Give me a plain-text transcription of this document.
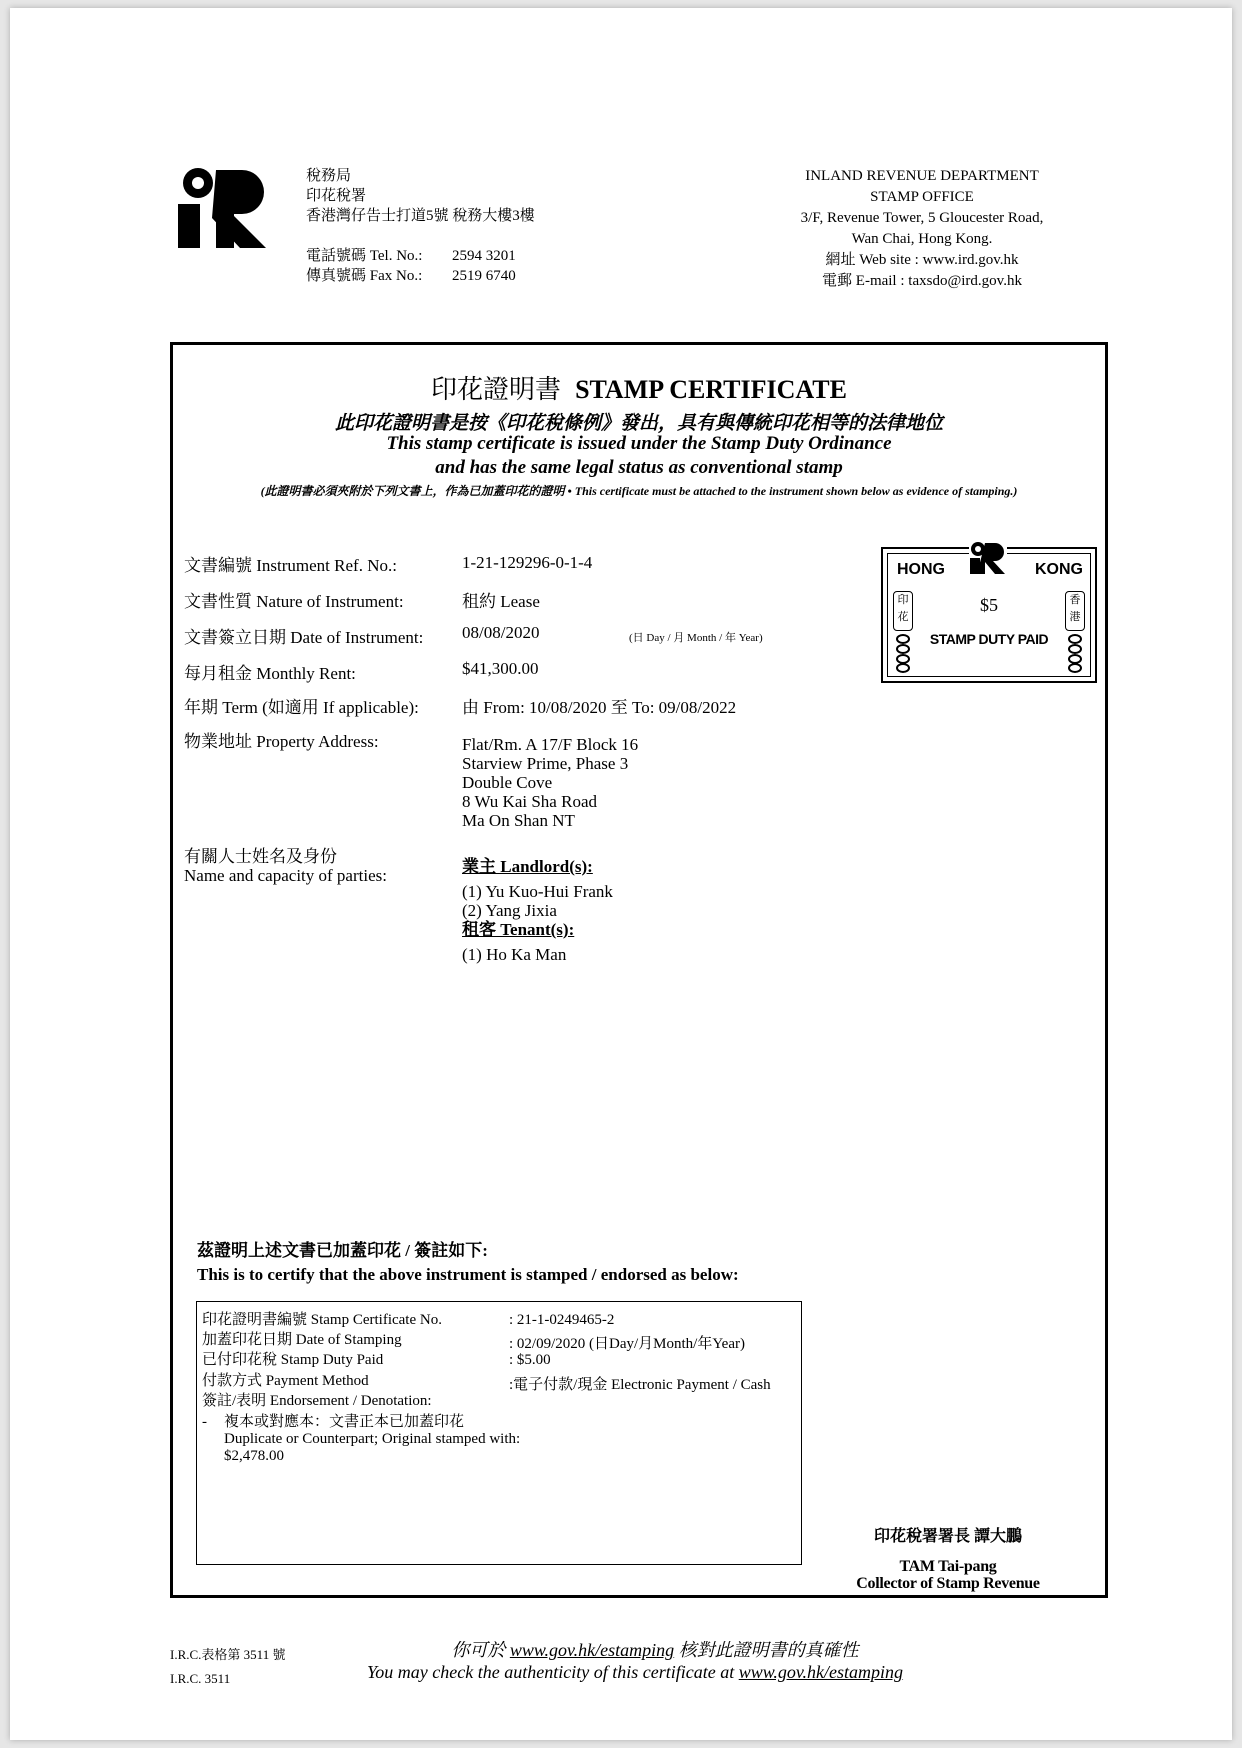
稅務局
印花稅署
香港灣仔告士打道5號 稅務大樓3樓
電話號碼 Tel. No.: 2594 3201
傳真號碼 Fax No.: 2519 6740
INLAND REVENUE DEPARTMENT
STAMP OFFICE
3/F, Revenue Tower, 5 Gloucester Road,
Wan Chai, Hong Kong.
網址 Web site : www.ird.gov.hk
電郵 E-mail : taxsdo@ird.gov.hk
印花證明書 STAMP CERTIFICATE
此印花證明書是按《印花稅條例》發出，具有與傳統印花相等的法律地位
This stamp certificate is issued under the Stamp Duty Ordinance
and has the same legal status as conventional stamp
(此證明書必須夾附於下列文書上，作為已加蓋印花的證明 • This certificate must be attached to the instrument shown below as evidence of stamping.)
文書編號 Instrument Ref. No.:	1-21-129296-0-1-4
文書性質 Nature of Instrument:	租約 Lease
文書簽立日期 Date of Instrument: 08/08/2020	(日 Day / 月 Month / 年 Year)
每月租金 Monthly Rent:	$41,300.00
年期 Term (如適用 If applicable):	由 From: 10/08/2020 至 To: 09/08/2022
物業地址 Property Address:	Flat/Rm. A 17/F Block 16
Starview Prime, Phase 3
Double Cove
8 Wu Kai Sha Road
Ma On Shan NT
有關人士姓名及身份
Name and capacity of parties:	業主 Landlord(s):
(1) Yu Kuo-Hui Frank
(2) Yang Jixia
租客 Tenant(s):
(1) Ho Ka Man
HONG	KONG
印花
香港
$5
STAMP DUTY PAID
茲證明上述文書已加蓋印花 / 簽註如下:
This is to certify that the above instrument is stamped / endorsed as below:
印花證明書編號 Stamp Certificate No.	: 21-1-0249465-2
加蓋印花日期 Date of Stamping	: 02/09/2020 (日Day/月Month/年Year)
已付印花稅 Stamp Duty Paid	: $5.00
付款方式 Payment Method	:電子付款/現金 Electronic Payment / Cash
簽註/表明 Endorsement / Denotation:
- 複本或對應本：文書正本已加蓋印花
Duplicate or Counterpart; Original stamped with:
$2,478.00
印花稅署署長 譚大鵬
TAM Tai-pang
Collector of Stamp Revenue
I.R.C.表格第 3511 號
I.R.C. 3511
你可於 www.gov.hk/estamping 核對此證明書的真確性
You may check the authenticity of this certificate at www.gov.hk/estamping
